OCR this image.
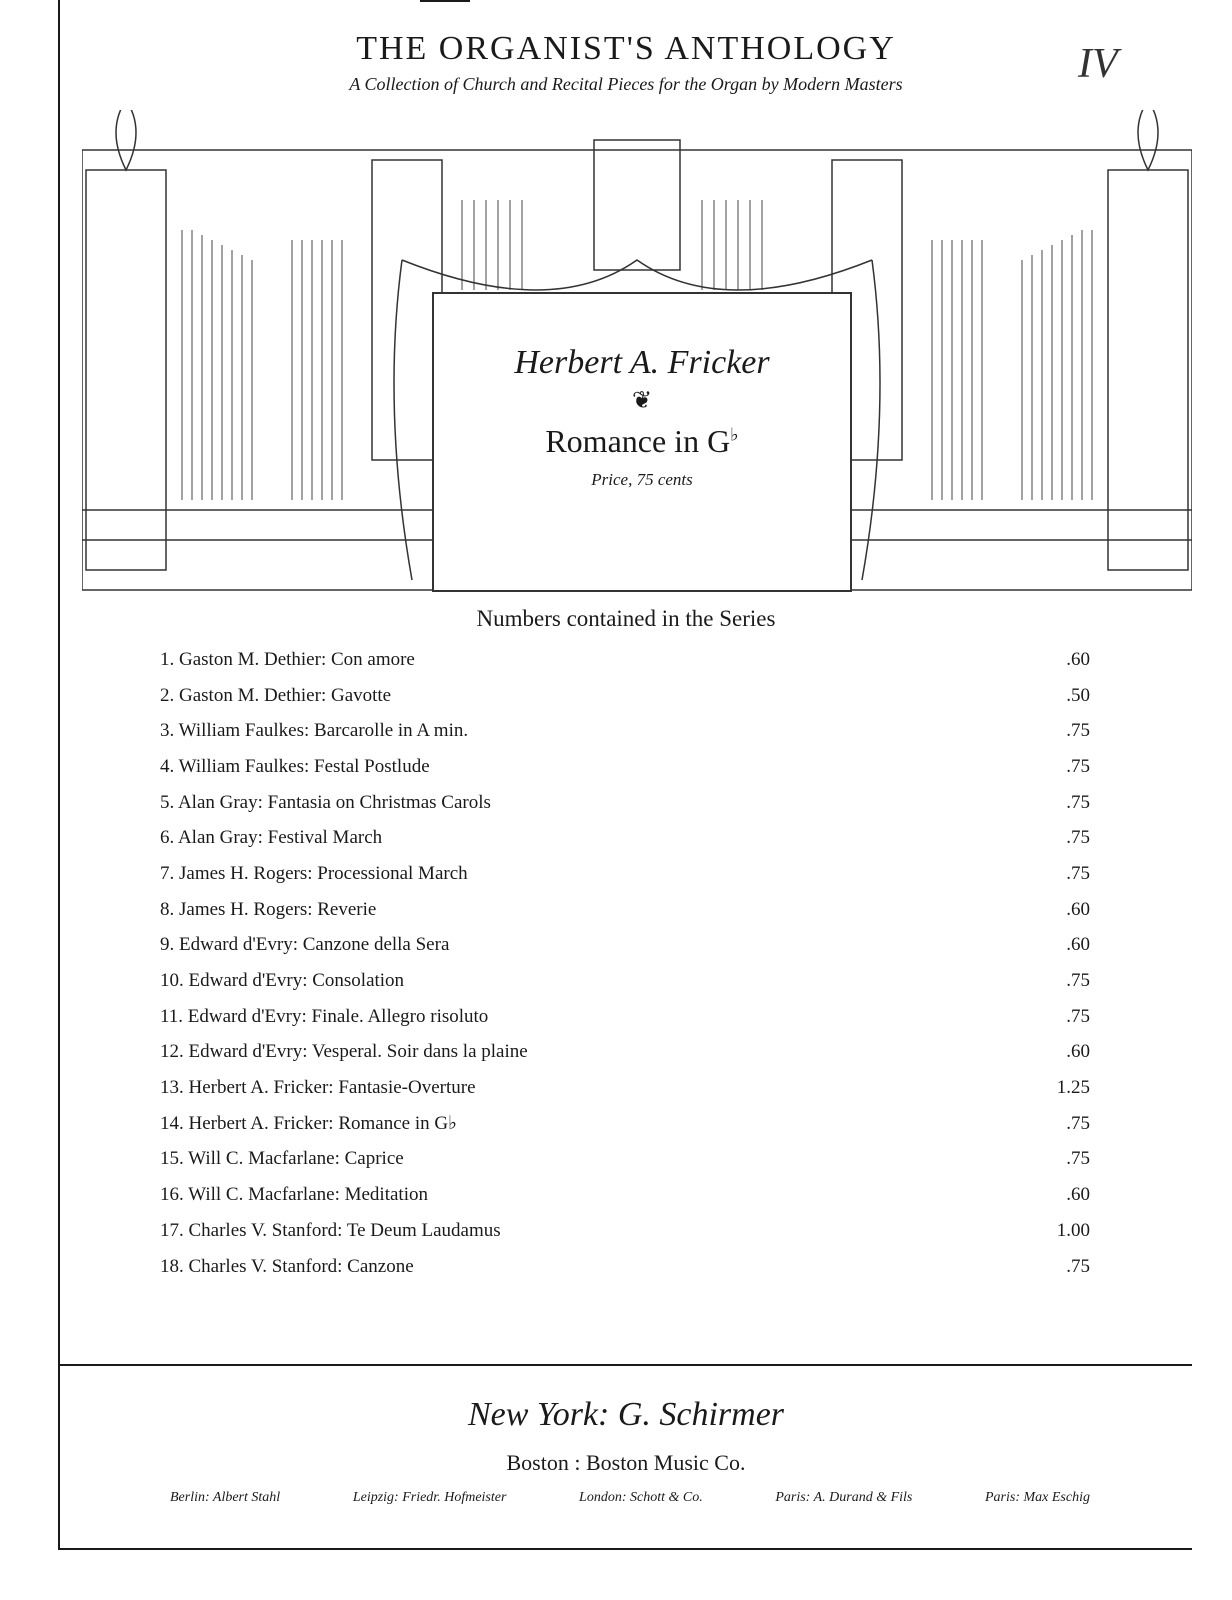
THE ORGANIST'S ANTHOLOGY
A Collection of Church and Recital Pieces for the Organ by Modern Masters	IV
Herbert A. Fricker
❦
Romance in G♭
Price, 75 cents
Numbers contained in the Series
1. Gaston M. Dethier: Con amore	.60
2. Gaston M. Dethier: Gavotte	.50
3. William Faulkes: Barcarolle in A min.	.75
4. William Faulkes: Festal Postlude	.75
5. Alan Gray: Fantasia on Christmas Carols	.75
6. Alan Gray: Festival March	.75
7. James H. Rogers: Processional March	.75
8. James H. Rogers: Reverie	.60
9. Edward d'Evry: Canzone della Sera	.60
10. Edward d'Evry: Consolation	.75
11. Edward d'Evry: Finale. Allegro risoluto	.75
12. Edward d'Evry: Vesperal. Soir dans la plaine	.60
13. Herbert A. Fricker: Fantasie-Overture	1.25
14. Herbert A. Fricker: Romance in G♭	.75
15. Will C. Macfarlane: Caprice	.75
16. Will C. Macfarlane: Meditation	.60
17. Charles V. Stanford: Te Deum Laudamus	1.00
18. Charles V. Stanford: Canzone	.75
New York: G. Schirmer
Boston : Boston Music Co.
Berlin: Albert Stahl	Leipzig: Friedr. Hofmeister	London: Schott & Co.	Paris: A. Durand & Fils	Paris: Max Eschig
